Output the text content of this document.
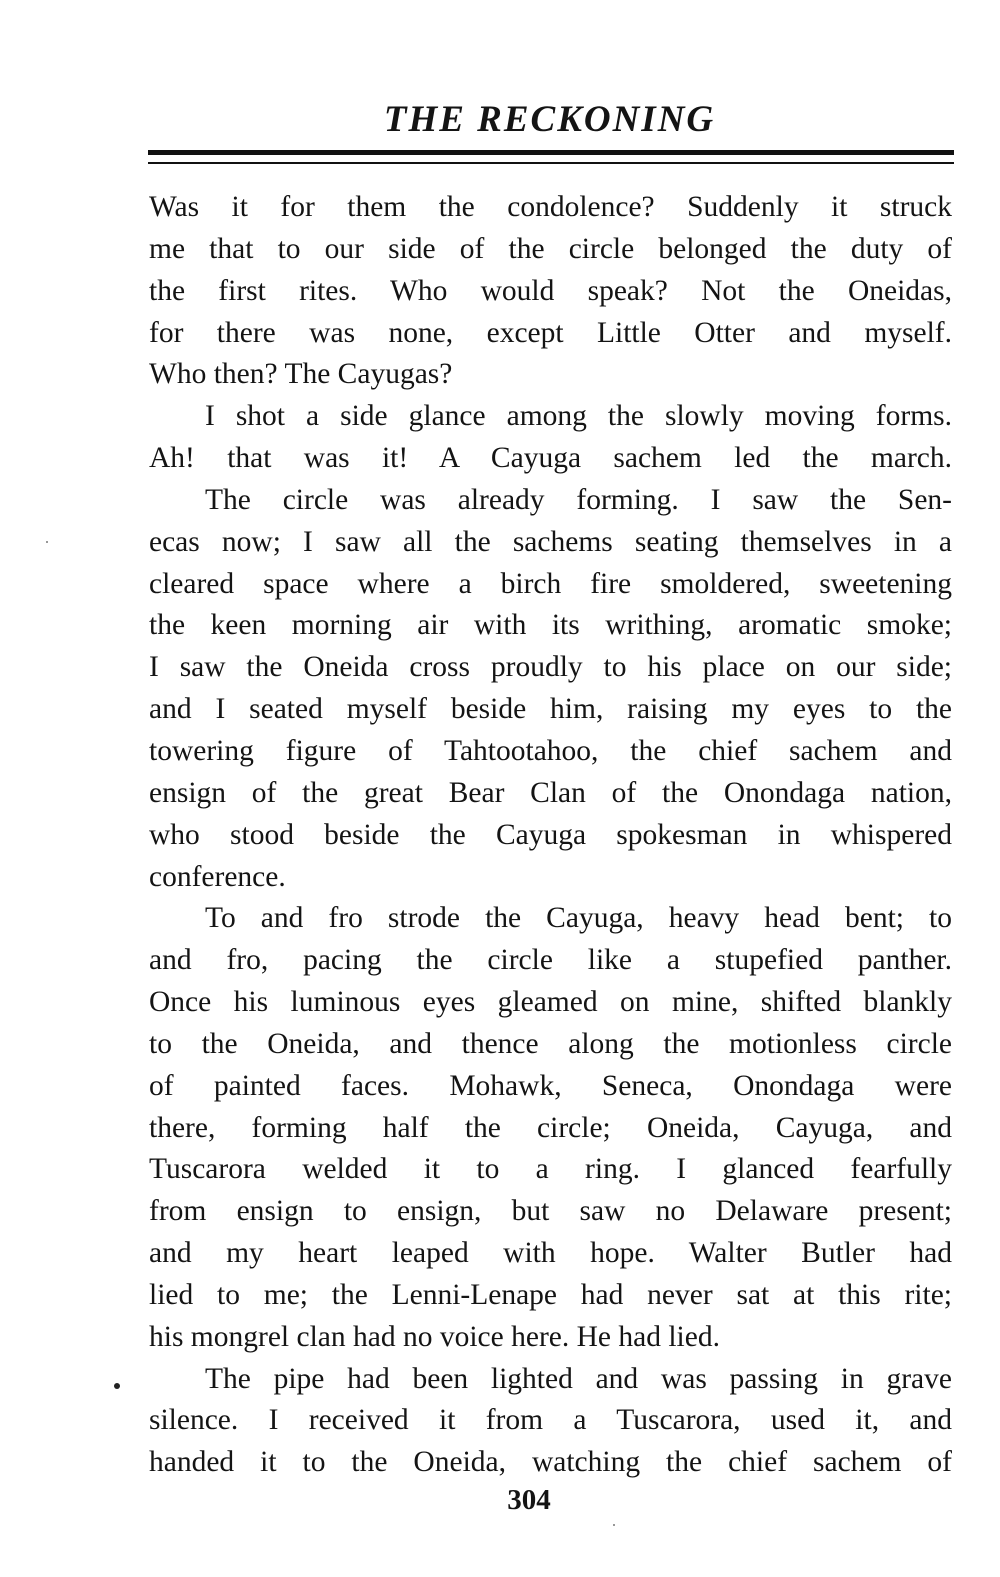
THE RECKONING
Was it for them the condolence? Suddenly it struck
me that to our side of the circle belonged the duty of
the first rites. Who would speak? Not the Oneidas,
for there was none, except Little Otter and myself.
Who then? The Cayugas?
I shot a side glance among the slowly moving forms.
Ah! that was it! A Cayuga sachem led the march.
The circle was already forming. I saw the Sen-
ecas now; I saw all the sachems seating themselves in a
cleared space where a birch fire smoldered, sweetening
the keen morning air with its writhing, aromatic smoke;
I saw the Oneida cross proudly to his place on our side;
and I seated myself beside him, raising my eyes to the
towering figure of Tahtootahoo, the chief sachem and
ensign of the great Bear Clan of the Onondaga nation,
who stood beside the Cayuga spokesman in whispered
conference.
To and fro strode the Cayuga, heavy head bent; to
and fro, pacing the circle like a stupefied panther.
Once his luminous eyes gleamed on mine, shifted blankly
to the Oneida, and thence along the motionless circle
of painted faces. Mohawk, Seneca, Onondaga were
there, forming half the circle; Oneida, Cayuga, and
Tuscarora welded it to a ring. I glanced fearfully
from ensign to ensign, but saw no Delaware present;
and my heart leaped with hope. Walter Butler had
lied to me; the Lenni-Lenape had never sat at this rite;
his mongrel clan had no voice here. He had lied.
The pipe had been lighted and was passing in grave
silence. I received it from a Tuscarora, used it, and
handed it to the Oneida, watching the chief sachem of
304
